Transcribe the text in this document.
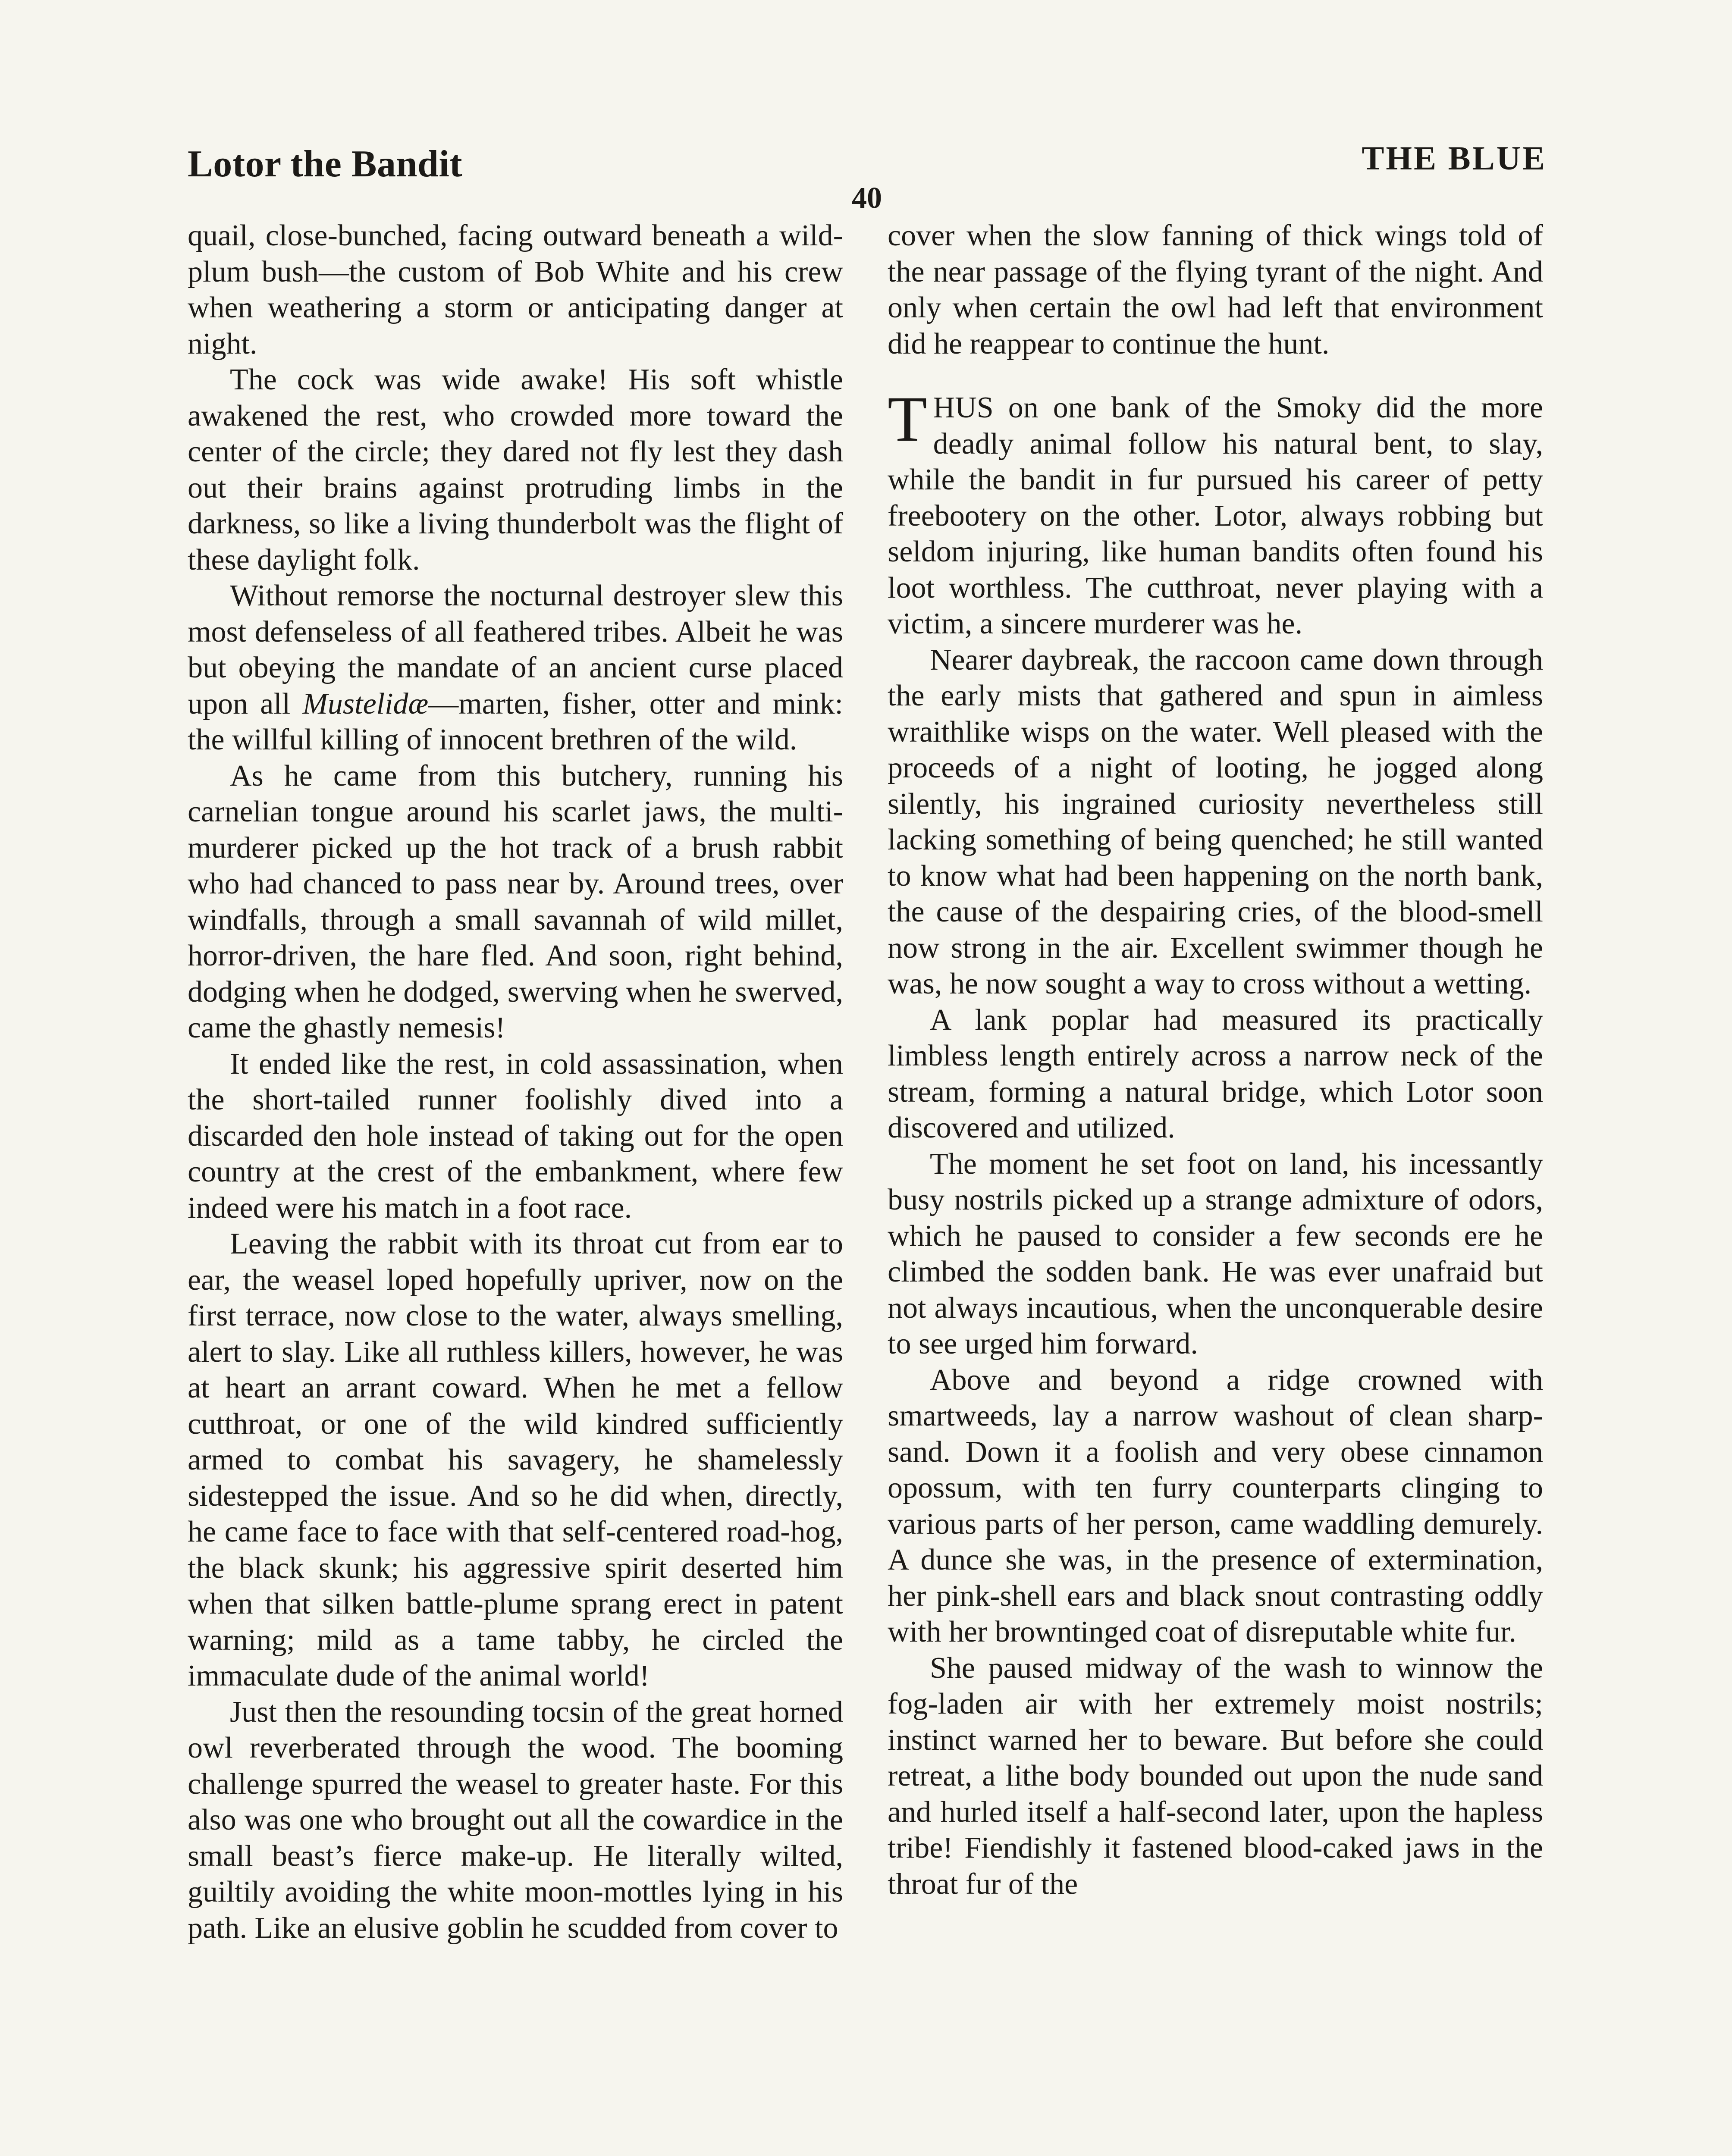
Lotor the Bandit	THE BLUE
40

quail, close-bunched, facing outward beneath a wild-plum bush—the custom of Bob White and his crew when weathering a storm or anticipating danger at night.

The cock was wide awake! His soft whistle awakened the rest, who crowded more toward the center of the circle; they dared not fly lest they dash out their brains against protruding limbs in the darkness, so like a living thunderbolt was the flight of these daylight folk.

Without remorse the nocturnal destroyer slew this most defenseless of all feathered tribes. Albeit he was but obeying the mandate of an ancient curse placed upon all Mustelidæ—marten, fisher, otter and mink: the willful killing of innocent brethren of the wild.

As he came from this butchery, running his carnelian tongue around his scarlet jaws, the multi-murderer picked up the hot track of a brush rabbit who had chanced to pass near by. Around trees, over windfalls, through a small savannah of wild millet, horror-driven, the hare fled. And soon, right behind, dodging when he dodged, swerving when he swerved, came the ghastly nemesis!

It ended like the rest, in cold assassination, when the short-tailed runner foolishly dived into a discarded den hole instead of taking out for the open country at the crest of the embankment, where few indeed were his match in a foot race.

Leaving the rabbit with its throat cut from ear to ear, the weasel loped hopefully upriver, now on the first terrace, now close to the water, always smelling, alert to slay. Like all ruthless killers, however, he was at heart an arrant coward. When he met a fellow cutthroat, or one of the wild kindred sufficiently armed to combat his savagery, he shamelessly sidestepped the issue. And so he did when, directly, he came face to face with that self-centered road-hog, the black skunk; his aggressive spirit deserted him when that silken battle-plume sprang erect in patent warning; mild as a tame tabby, he circled the immaculate dude of the animal world!

Just then the resounding tocsin of the great horned owl reverberated through the wood. The booming challenge spurred the weasel to greater haste. For this also was one who brought out all the cowardice in the small beast’s fierce make-up. He literally wilted, guiltily avoiding the white moon-mottles lying in his path. Like an elusive goblin he scudded from cover to

cover when the slow fanning of thick wings told of the near passage of the flying tyrant of the night. And only when certain the owl had left that environment did he reappear to continue the hunt.

THUS on one bank of the Smoky did the more deadly animal follow his natural bent, to slay, while the bandit in fur pursued his career of petty freebootery on the other. Lotor, always robbing but seldom injuring, like human bandits often found his loot worthless. The cutthroat, never playing with a victim, a sincere murderer was he.

Nearer daybreak, the raccoon came down through the early mists that gathered and spun in aimless wraithlike wisps on the water. Well pleased with the proceeds of a night of looting, he jogged along silently, his ingrained curiosity nevertheless still lacking something of being quenched; he still wanted to know what had been happening on the north bank, the cause of the despairing cries, of the blood-smell now strong in the air. Excellent swimmer though he was, he now sought a way to cross without a wetting.

A lank poplar had measured its practically limbless length entirely across a narrow neck of the stream, forming a natural bridge, which Lotor soon discovered and utilized.

The moment he set foot on land, his incessantly busy nostrils picked up a strange admixture of odors, which he paused to consider a few seconds ere he climbed the sodden bank. He was ever unafraid but not always incautious, when the unconquerable desire to see urged him forward.

Above and beyond a ridge crowned with smartweeds, lay a narrow washout of clean sharp-sand. Down it a foolish and very obese cinnamon opossum, with ten furry counterparts clinging to various parts of her person, came waddling demurely. A dunce she was, in the presence of extermination, her pink-shell ears and black snout contrasting oddly with her browntinged coat of disreputable white fur.

She paused midway of the wash to winnow the fog-laden air with her extremely moist nostrils; instinct warned her to beware. But before she could retreat, a lithe body bounded out upon the nude sand and hurled itself a half-second later, upon the hapless tribe! Fiendishly it fastened blood-caked jaws in the throat fur of the
